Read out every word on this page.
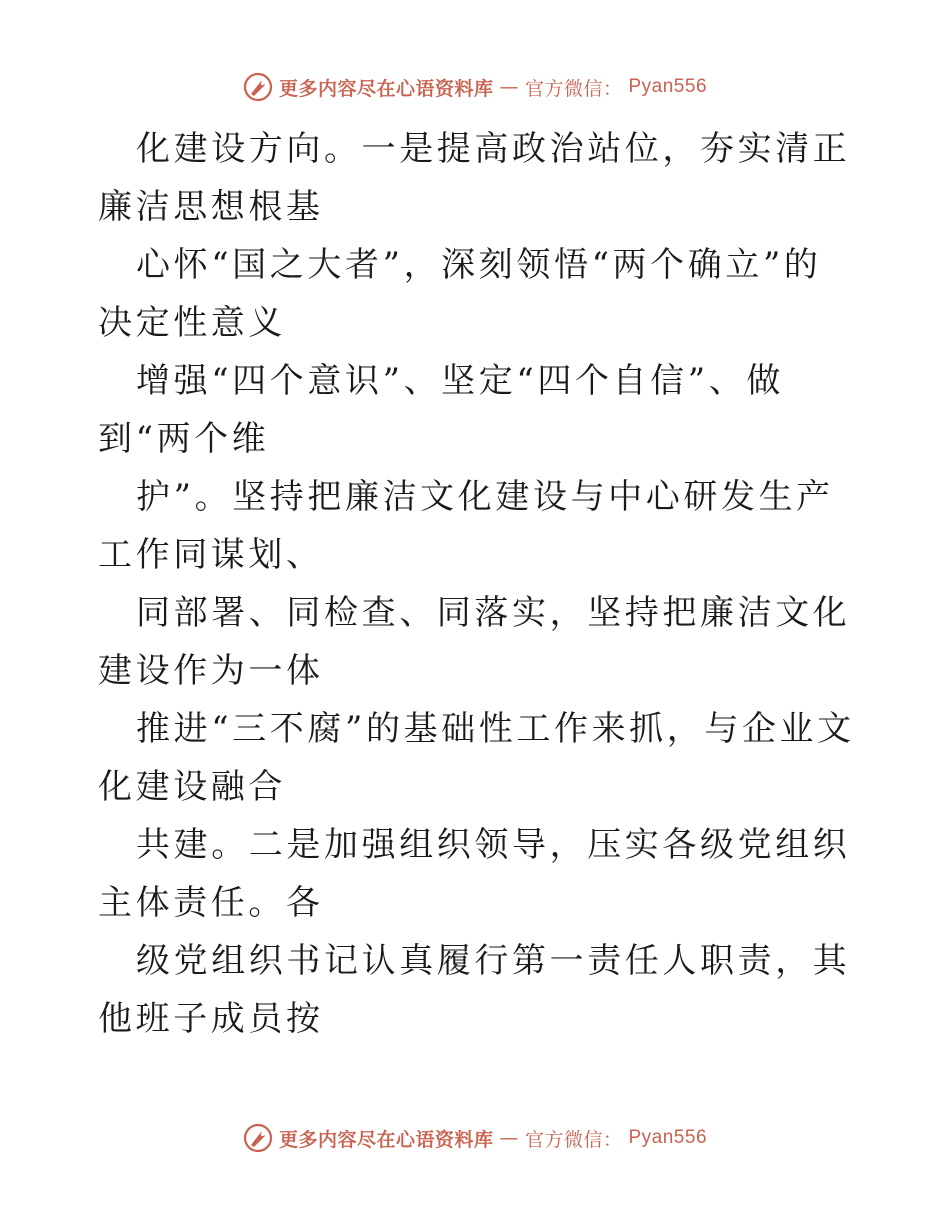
更多内容尽在心语资料库 — 官方微信： Pyan556

化建设方向。一是提高政治站位，夯实清正廉洁思想根基

心怀“国之大者”，深刻领悟“两个确立”的决定性意义

增强“四个意识”、坚定“四个自信”、做到“两个维

护”。坚持把廉洁文化建设与中心研发生产工作同谋划、

同部署、同检查、同落实，坚持把廉洁文化建设作为一体

推进“三不腐”的基础性工作来抓，与企业文化建设融合

共建。二是加强组织领导，压实各级党组织主体责任。各

级党组织书记认真履行第一责任人职责，其他班子成员按

更多内容尽在心语资料库 — 官方微信： Pyan556
